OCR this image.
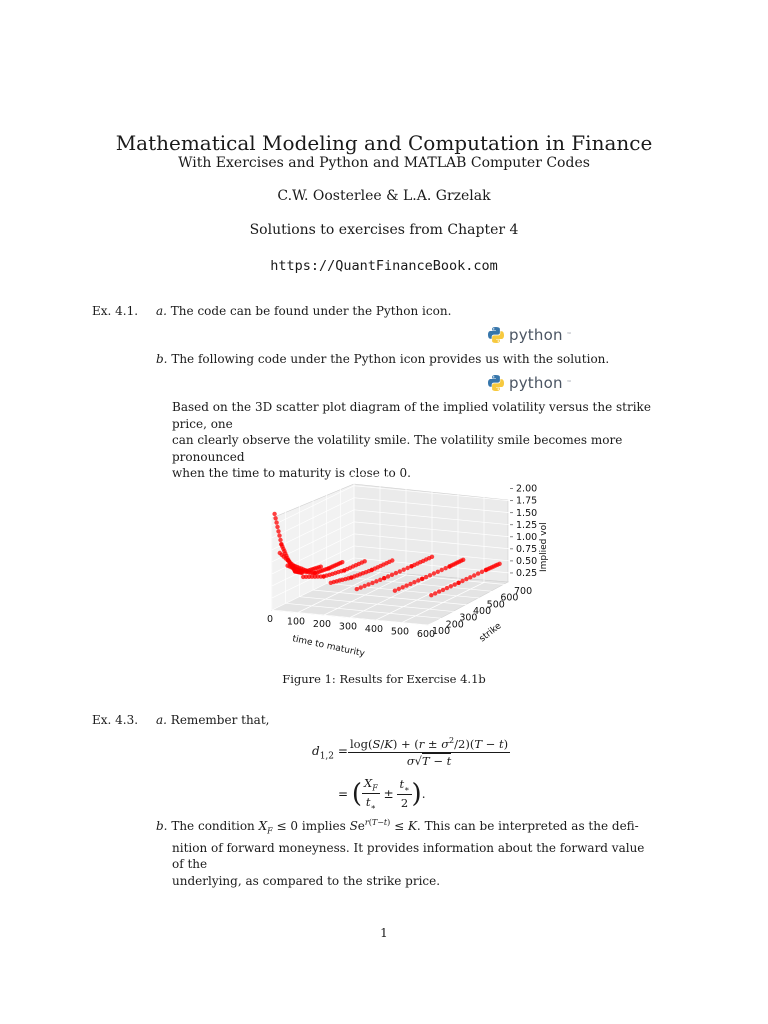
Mathematical Modeling and Computation in Finance
With Exercises and Python and MATLAB Computer Codes
C.W. Oosterlee & L.A. Grzelak
Solutions to exercises from Chapter 4
https://QuantFinanceBook.com
Ex. 4.1. a. The code can be found under the Python icon.
python ™
b. The following code under the Python icon provides us with the solution.
python ™
Based on the 3D scatter plot diagram of the implied volatility versus the strike price, one
can clearly observe the volatility smile. The volatility smile becomes more pronounced
when the time to maturity is close to 0.
0 100 200 300 400 500 600
100
200
300
400
500
600
700
0.25
0.50
0.75
1.00
1.25
1.50
1.75
2.00
time to maturity
strike
Implied vol
Figure 1: Results for Exercise 4.1b
Ex. 4.3. a. Remember that,
$d_{1,2} = \frac{\log(S/K) + (r \pm \sigma^2/2)(T - t)}{\sigma√T - t}$
= ( $\frac{X_F}{t_∗} \pm \frac{t_∗}{2}$ ) .
b. The condition $X_F \le 0$ implies $Se^{r(T-t)} \le K$. This can be interpreted as the defi-
nition of forward moneyness. It provides information about the forward value of the
underlying, as compared to the strike price.
1
